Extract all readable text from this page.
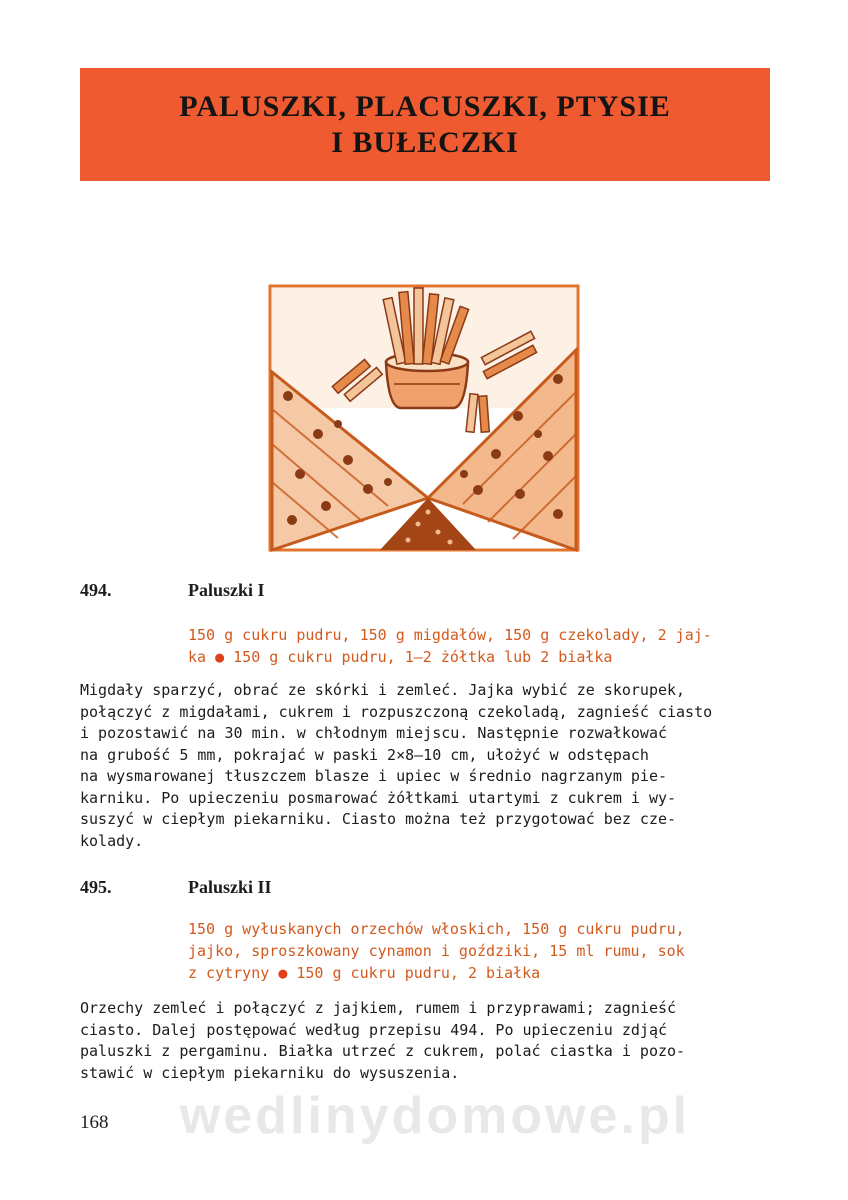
PALUSZKI, PLACUSZKI, PTYSIE
I BUŁECZKI
494.	Paluszki I
150 g cukru pudru, 150 g migdałów, 150 g czekolady, 2 jaj-
ka ● 150 g cukru pudru, 1—2 żółtka lub 2 białka
Migdały sparzyć, obrać ze skórki i zemleć. Jajka wybić ze skorupek,
połączyć z migdałami, cukrem i rozpuszczoną czekoladą, zagnieść ciasto
i pozostawić na 30 min. w chłodnym miejscu. Następnie rozwałkować
na grubość 5 mm, pokrajać w paski 2×8—10 cm, ułożyć w odstępach
na wysmarowanej tłuszczem blasze i upiec w średnio nagrzanym pie-
karniku. Po upieczeniu posmarować żółtkami utartymi z cukrem i wy-
suszyć w ciepłym piekarniku. Ciasto można też przygotować bez cze-
kolady.
495.	Paluszki II
150 g wyłuskanych orzechów włoskich, 150 g cukru pudru,
jajko, sproszkowany cynamon i goździki, 15 ml rumu, sok
z cytryny ● 150 g cukru pudru, 2 białka
Orzechy zemleć i połączyć z jajkiem, rumem i przyprawami; zagnieść
ciasto. Dalej postępować według przepisu 494. Po upieczeniu zdjąć
paluszki z pergaminu. Białka utrzeć z cukrem, polać ciastka i pozo-
stawić w ciepłym piekarniku do wysuszenia.
wedlinydomowe.pl
168
